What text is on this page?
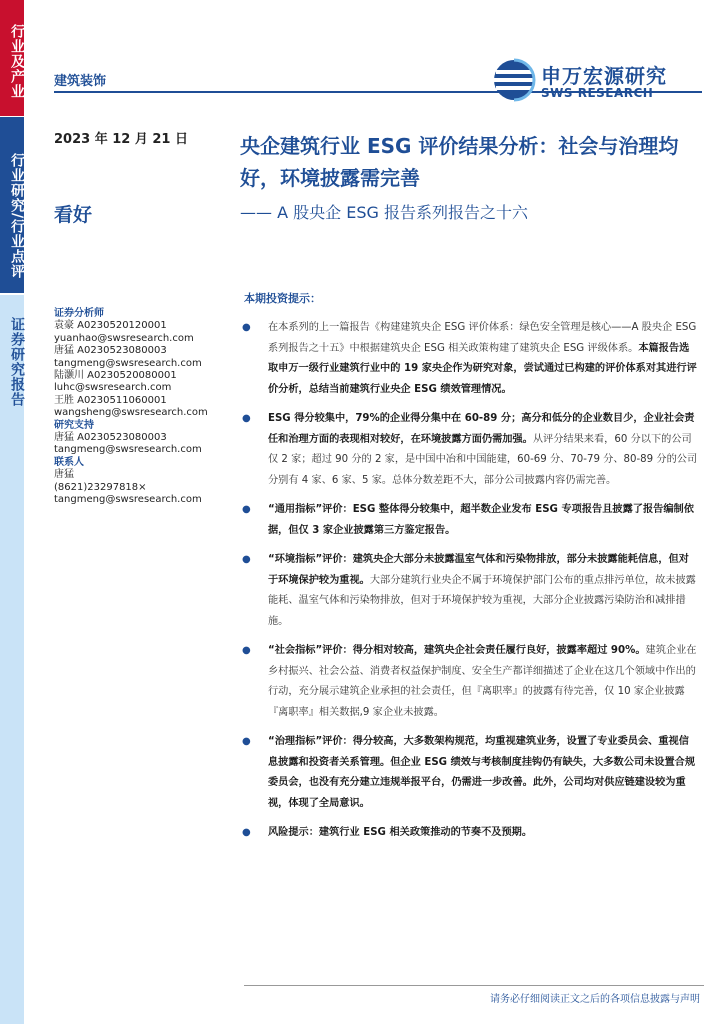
行业及产业
行业研究/行业点评
证券研究报告
建筑装饰	申万宏源研究
SWS RESEARCH
2023 年 12 月 21 日
看好
央企建筑行业 ESG 评价结果分析：社会与治理均好，环境披露需完善
—— A 股央企 ESG 报告系列报告之十六
证券分析师
袁豪 A0230520120001
yuanhao@swsresearch.com
唐猛 A0230523080003
tangmeng@swsresearch.com
陆灏川 A0230520080001
luhc@swsresearch.com
王胜 A0230511060001
wangsheng@swsresearch.com
研究支持
唐猛 A0230523080003
tangmeng@swsresearch.com
联系人
唐猛
(8621)23297818×
tangmeng@swsresearch.com
本期投资提示：
● 在本系列的上一篇报告《构建建筑央企 ESG 评价体系：绿色安全管理是核心——A 股央企 ESG 系列报告之十五》中根据建筑央企 ESG 相关政策构建了建筑央企 ESG 评级体系。本篇报告选取申万一级行业建筑行业中的 19 家央企作为研究对象，尝试通过已构建的评价体系对其进行评价分析，总结当前建筑行业央企 ESG 绩效管理情况。
● ESG 得分较集中，79%的企业得分集中在 60-89 分；高分和低分的企业数目少，企业社会责任和治理方面的表现相对较好，在环境披露方面仍需加强。从评分结果来看，60 分以下的公司仅 2 家；超过 90 分的 2 家，是中国中冶和中国能建，60-69 分、70-79 分、80-89 分的公司分别有 4 家、6 家、5 家。总体分数差距不大，部分公司披露内容仍需完善。
● “通用指标”评价：ESG 整体得分较集中，超半数企业发布 ESG 专项报告且披露了报告编制依据，但仅 3 家企业披露第三方鉴定报告。
● “环境指标”评价：建筑央企大部分未披露温室气体和污染物排放，部分未披露能耗信息，但对于环境保护较为重视。大部分建筑行业央企不属于环境保护部门公布的重点排污单位，故未披露能耗、温室气体和污染物排放，但对于环境保护较为重视，大部分企业披露污染防治和减排措施。
● “社会指标”评价：得分相对较高，建筑央企社会责任履行良好，披露率超过 90%。建筑企业在乡村振兴、社会公益、消费者权益保护制度、安全生产都详细描述了企业在这几个领域中作出的行动，充分展示建筑企业承担的社会责任，但『离职率』的披露有待完善，仅 10 家企业披露『离职率』相关数据,9 家企业未披露。
● “治理指标”评价：得分较高，大多数架构规范，均重视建筑业务，设置了专业委员会、重视信息披露和投资者关系管理。但企业 ESG 绩效与考核制度挂钩仍有缺失，大多数公司未设置合规委员会，也没有充分建立违规举报平台，仍需进一步改善。此外，公司均对供应链建设较为重视，体现了全局意识。
● 风险提示：建筑行业 ESG 相关政策推动的节奏不及预期。
请务必仔细阅读正文之后的各项信息披露与声明
